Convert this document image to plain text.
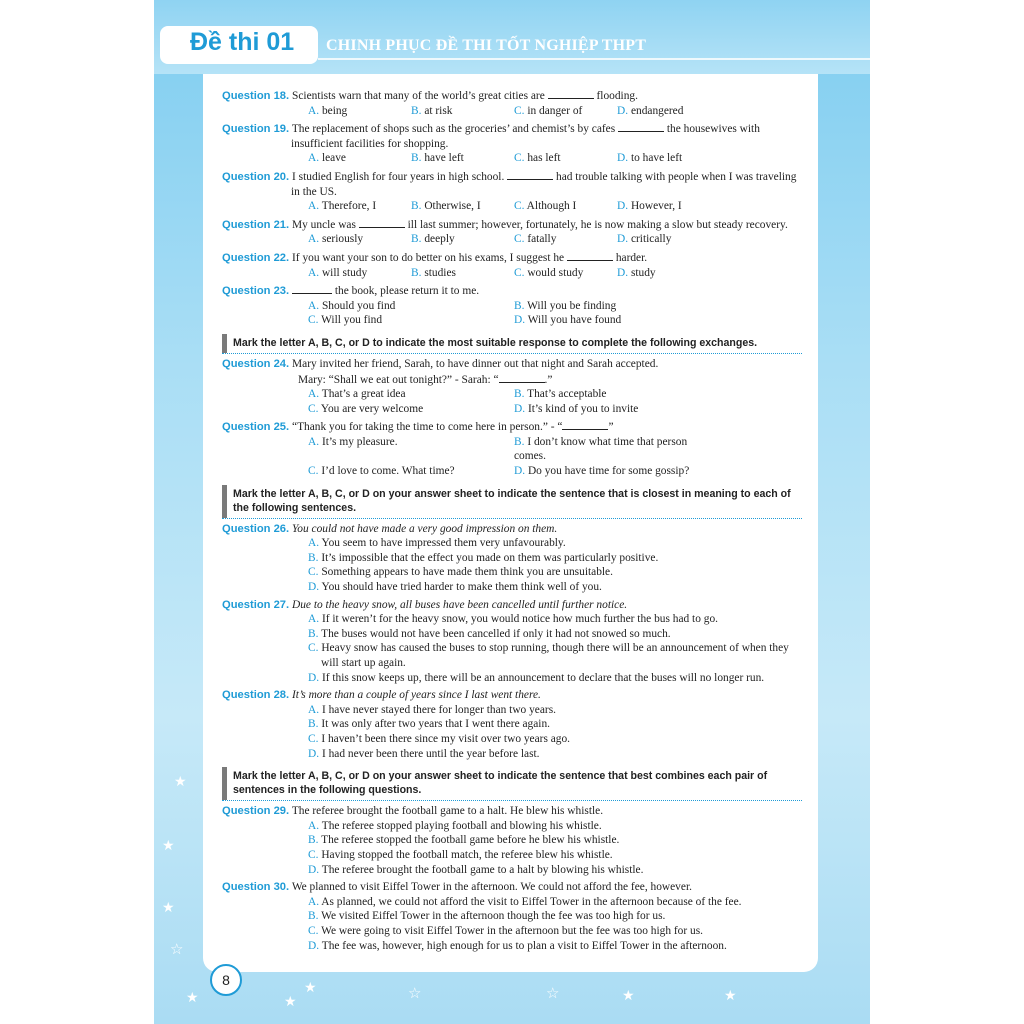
Đề thi 01 CHINH PHỤC ĐỀ THI TỐT NGHIỆP THPT
Question 18. Scientists warn that many of the world’s great cities are	flooding.
A. being	B. at risk	C. in danger of	D. endangered
Question 19. The replacement of shops such as the groceries’ and chemist’s by cafes	the housewives with insufficient facilities for shopping.
A. leave	B. have left	C. has left	D. to have left
Question 20. I studied English for four years in high school.	had trouble talking with people when I was traveling in the US.
A. Therefore, I	B. Otherwise, I	C. Although I	D. However, I
Question 21. My uncle was	ill last summer; however, fortunately, he is now making a slow but steady recovery.
A. seriously	B. deeply	C. fatally	D. critically
Question 22. If you want your son to do better on his exams, I suggest he	harder.
A. will study	B. studies	C. would study	D. study
Question 23.	the book, please return it to me.
A. Should you find	B. Will you be finding
C. Will you find	D. Will you have found
Mark the letter A, B, C, or D to indicate the most suitable response to complete the following exchanges.
Question 24. Mary invited her friend, Sarah, to have dinner out that night and Sarah accepted.
Mary: “Shall we eat out tonight?” - Sarah: “	.”
A. That’s a great idea	B. That’s acceptable
C. You are very welcome	D. It’s kind of you to invite
Question 25. “Thank you for taking the time to come here in person.” - “	”
A. It’s my pleasure.	B. I don’t know what time that person comes.
C. I’d love to come. What time?	D. Do you have time for some gossip?
Mark the letter A, B, C, or D on your answer sheet to indicate the sentence that is closest in meaning to each of the following sentences.
Question 26. You could not have made a very good impression on them.
A. You seem to have impressed them very unfavourably.
B. It’s impossible that the effect you made on them was particularly positive.
C. Something appears to have made them think you are unsuitable.
D. You should have tried harder to make them think well of you.
Question 27. Due to the heavy snow, all buses have been cancelled until further notice.
A. If it weren’t for the heavy snow, you would notice how much further the bus had to go.
B. The buses would not have been cancelled if only it had not snowed so much.
C. Heavy snow has caused the buses to stop running, though there will be an announcement of when they will start up again.
D. If this snow keeps up, there will be an announcement to declare that the buses will no longer run.
Question 28. It’s more than a couple of years since I last went there.
A. I have never stayed there for longer than two years.
B. It was only after two years that I went there again.
C. I haven’t been there since my visit over two years ago.
D. I had never been there until the year before last.
Mark the letter A, B, C, or D on your answer sheet to indicate the sentence that best combines each pair of sentences in the following questions.
Question 29. The referee brought the football game to a halt. He blew his whistle.
A. The referee stopped playing football and blowing his whistle.
B. The referee stopped the football game before he blew his whistle.
C. Having stopped the football match, the referee blew his whistle.
D. The referee brought the football game to a halt by blowing his whistle.
Question 30. We planned to visit Eiffel Tower in the afternoon. We could not afford the fee, however.
A. As planned, we could not afford the visit to Eiffel Tower in the afternoon because of the fee.
B. We visited Eiffel Tower in the afternoon though the fee was too high for us.
C. We were going to visit Eiffel Tower in the afternoon but the fee was too high for us.
D. The fee was, however, high enough for us to plan a visit to Eiffel Tower in the afternoon.
8
★
★
★
☆
★	★
★	☆	☆	★	★
